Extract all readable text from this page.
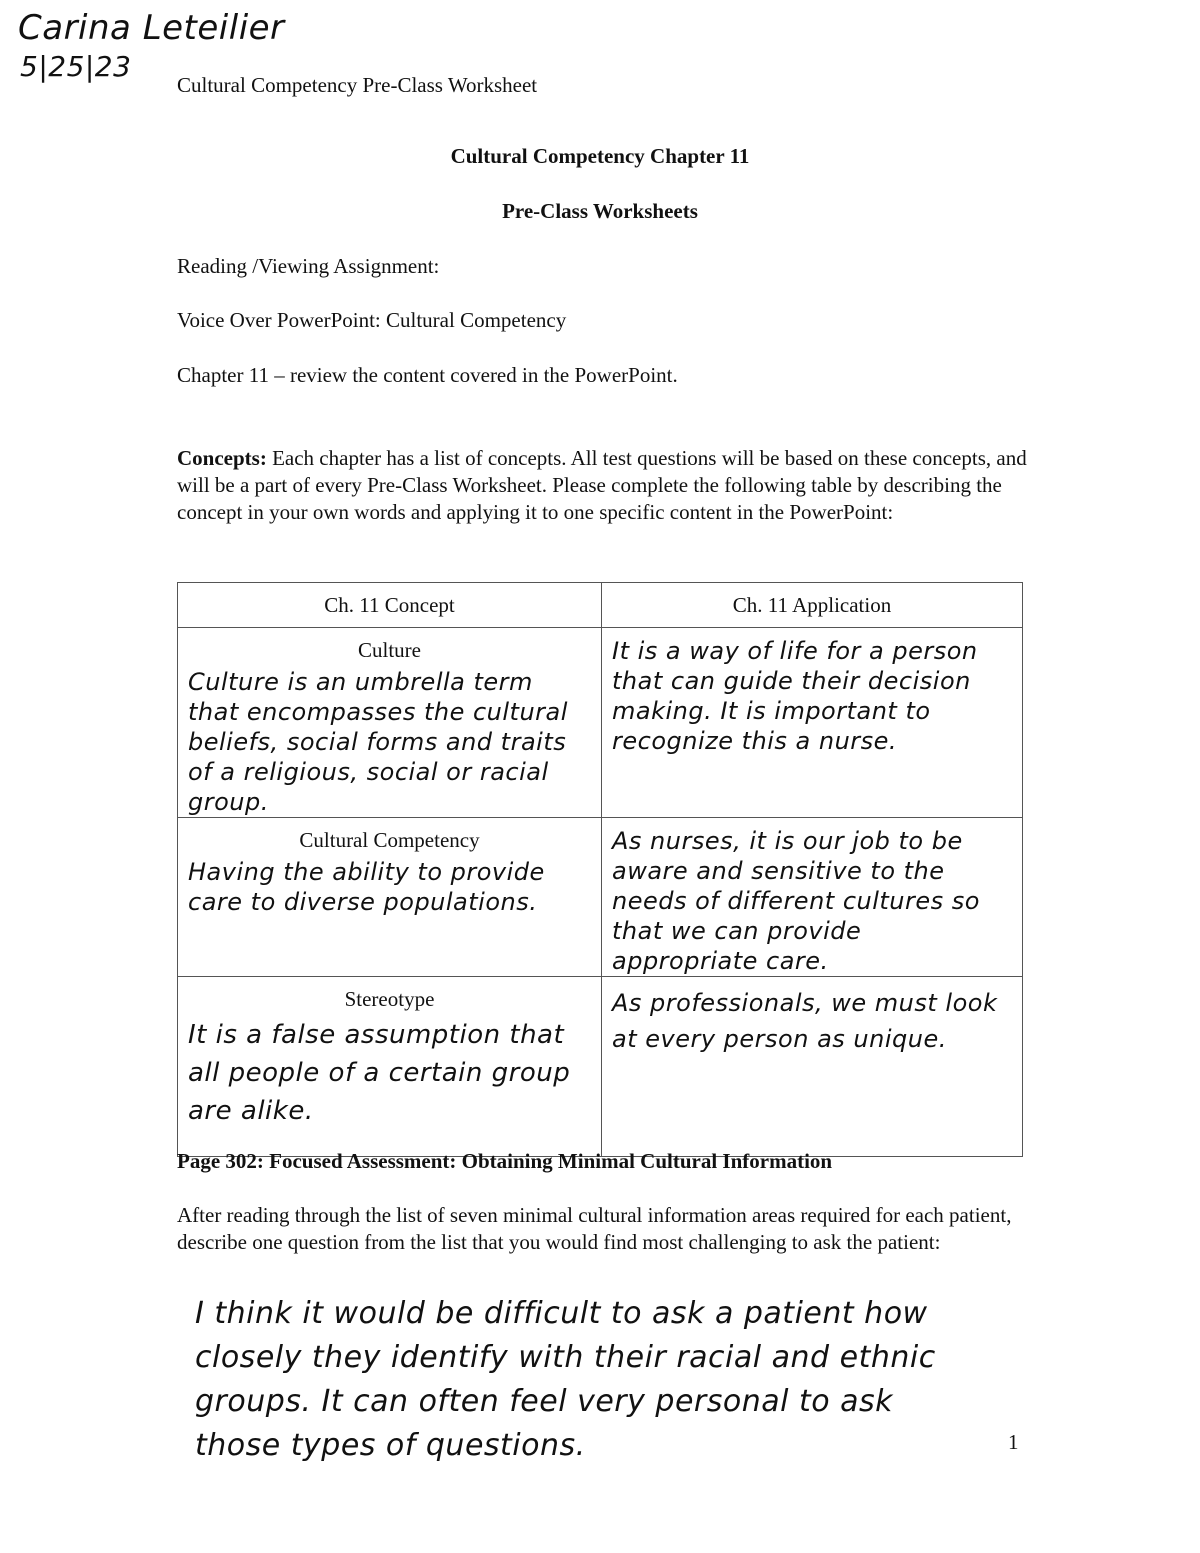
Carina Leteilier
5|25|23
Cultural Competency Pre-Class Worksheet
Cultural Competency Chapter 11
Pre-Class Worksheets
Reading /Viewing Assignment:
Voice Over PowerPoint: Cultural Competency
Chapter 11 – review the content covered in the PowerPoint.
Concepts: Each chapter has a list of concepts. All test questions will be based on these concepts, and will be a part of every Pre-Class Worksheet. Please complete the following table by describing the concept in your own words and applying it to one specific content in the PowerPoint:
Ch. 11 Concept	Ch. 11 Application

Culture
Culture is an umbrella term that encompasses the cultural beliefs, social forms and traits of a religious, social or racial group.	It is a way of life for a person that can guide their decision making. It is important to recognize this a nurse.

Cultural Competency
Having the ability to provide care to diverse populations.	As nurses, it is our job to be aware and sensitive to the needs of different cultures so that we can provide appropriate care.

Stereotype
It is a false assumption that all people of a certain group are alike.	As professionals, we must look at every person as unique.
Page 302: Focused Assessment: Obtaining Minimal Cultural Information
After reading through the list of seven minimal cultural information areas required for each patient, describe one question from the list that you would find most challenging to ask the patient:
I think it would be difficult to ask a patient how closely they identify with their racial and ethnic groups. It can often feel very personal to ask those types of questions.	1
